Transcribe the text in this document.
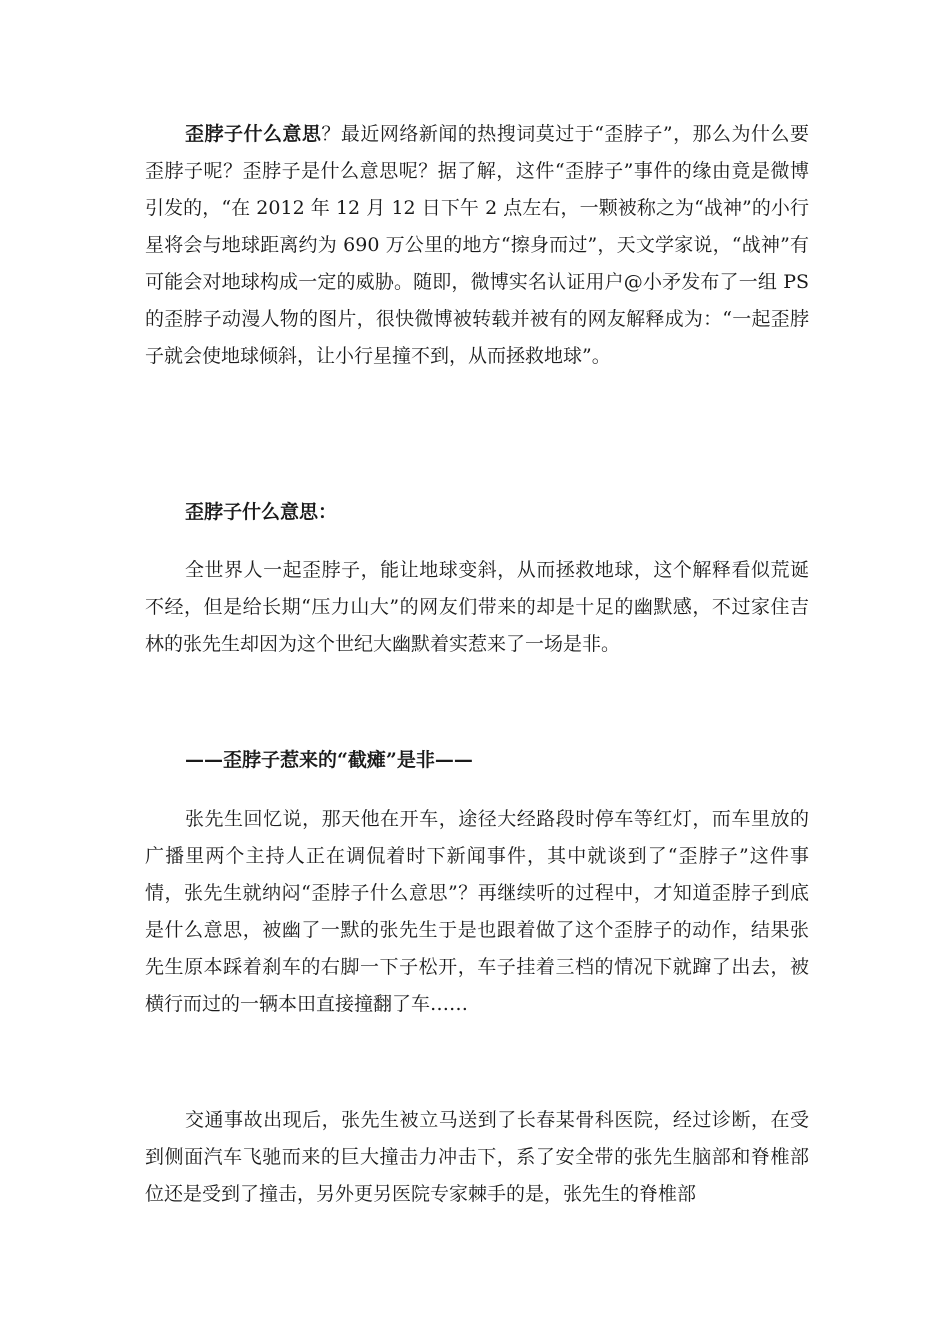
歪脖子什么意思？最近网络新闻的热搜词莫过于“歪脖子”，那么为什么要歪脖子呢？歪脖子是什么意思呢？据了解，这件“歪脖子”事件的缘由竟是微博引发的，“在 2012 年 12 月 12 日下午 2 点左右，一颗被称之为“战神”的小行星将会与地球距离约为 690 万公里的地方“擦身而过”，天文学家说，“战神”有可能会对地球构成一定的威胁。随即，微博实名认证用户@小矛发布了一组 PS 的歪脖子动漫人物的图片，很快微博被转载并被有的网友解释成为：“一起歪脖子就会使地球倾斜，让小行星撞不到，从而拯救地球”。

歪脖子什么意思：

全世界人一起歪脖子，能让地球变斜，从而拯救地球，这个解释看似荒诞不经，但是给长期“压力山大”的网友们带来的却是十足的幽默感，不过家住吉林的张先生却因为这个世纪大幽默着实惹来了一场是非。

——歪脖子惹来的“截瘫”是非——

张先生回忆说，那天他在开车，途径大经路段时停车等红灯，而车里放的广播里两个主持人正在调侃着时下新闻事件，其中就谈到了“歪脖子”这件事情，张先生就纳闷“歪脖子什么意思”？再继续听的过程中，才知道歪脖子到底是什么意思，被幽了一默的张先生于是也跟着做了这个歪脖子的动作，结果张先生原本踩着刹车的右脚一下子松开，车子挂着三档的情况下就蹿了出去，被横行而过的一辆本田直接撞翻了车……

交通事故出现后，张先生被立马送到了长春某骨科医院，经过诊断，在受到侧面汽车飞驰而来的巨大撞击力冲击下，系了安全带的张先生脑部和脊椎部位还是受到了撞击，另外更另医院专家棘手的是，张先生的脊椎部
